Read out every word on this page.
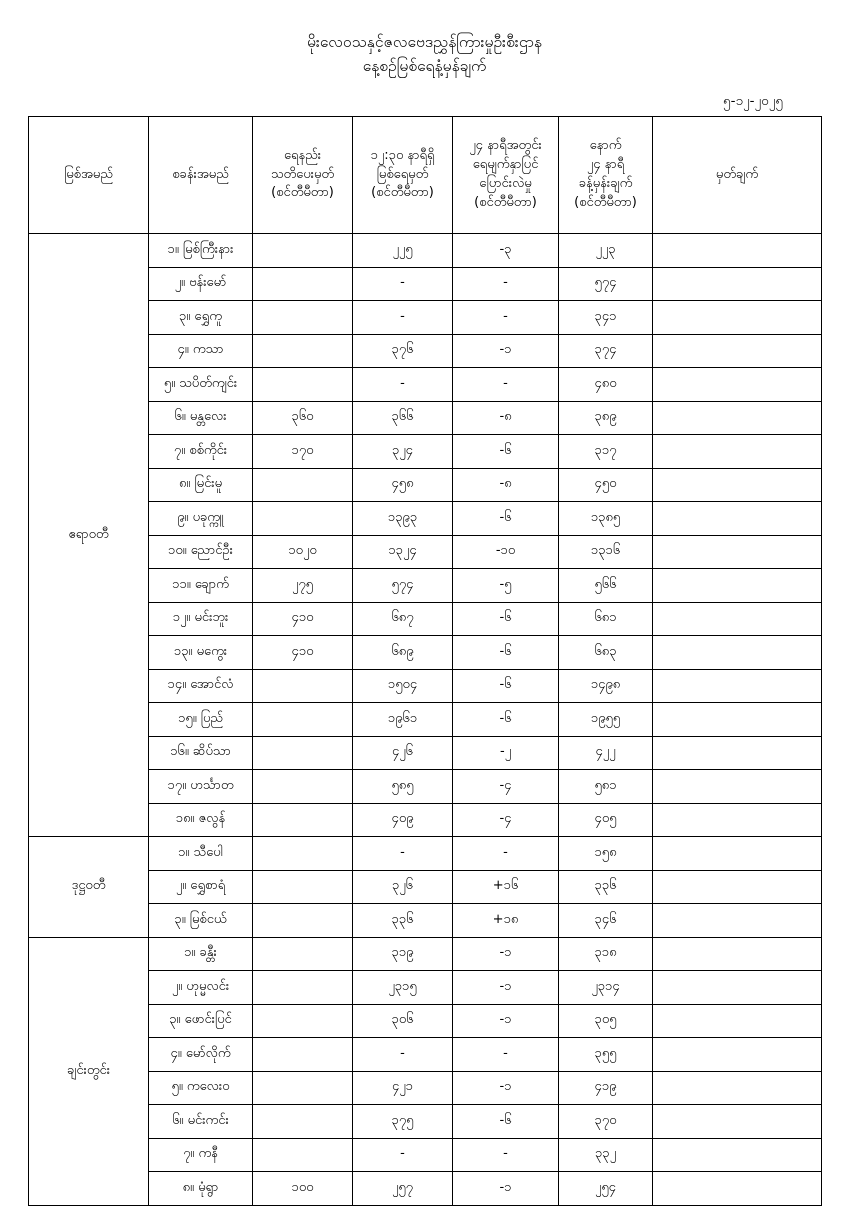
မိုးလေဝသနှင့်ဇလဗေဒညွှန်ကြားမှုဦးစီးဌာန
နေ့စဉ်မြစ်ရေနံ့မှန်ချက်
၅-၁၂-၂၀၂၅
မြစ်အမည်	စခန်းအမည်	ရေနည်း
သတိပေးမှတ်
(စင်တီမီတာ)	၁၂:၃၀ နာရီရှိ
မြစ်ရေမှတ်
(စင်တီမီတာ)	၂၄ နာရီအတွင်း
ရေမျက်နှာပြင်
ပြောင်းလဲမှု
(စင်တီမီတာ)	နောက်
၂၄ နာရီ
ခန့်မှန်းချက်
(စင်တီမီတာ)	မှတ်ချက်
ဧရာဝတီ	၁။ မြစ်ကြီးနား		၂၂၅	-၃	၂၂၃	
	၂။ ဗန်းမော်		-	-	၅၇၄	
	၃။ ရွှေကူ		-	-	၃၄၁	
	၄။ ကသာ		၃၇၆	-၁	၃၇၄	
	၅။ သပိတ်ကျင်း		-	-	၄၈၀	
	၆။ မန္တလေး	၃၆၀	၃၆၆	-၈	၃၈၉	
	၇။ စစ်ကိုင်း	၁၇၀	၃၂၄	-၆	၃၁၇	
	၈။ မြင်းမူ		၄၅၈	-၈	၄၅၀	
	၉။ ပခုက္ကူ		၁၃၉၃	-၆	၁၃၈၅	
	၁၀။ ညောင်ဦး	၁၀၂၀	၁၃၂၄	-၁၀	၁၃၁၆	
	၁၁။ ချောက်	၂၇၅	၅၇၄	-၅	၅၆၆	
	၁၂။ မင်းဘူး	၄၁၀	၆၈၇	-၆	၆၈၁	
	၁၃။ မကွေး	၄၁၀	၆၈၉	-၆	၆၈၃	
	၁၄။ အောင်လံ		၁၅၀၄	-၆	၁၄၉၈	
	၁၅။ ပြည်		၁၉၆၁	-၆	၁၉၅၅	
	၁၆။ ဆိပ်သာ		၄၂၆	-၂	၄၂၂	
	၁၇။ ဟင်္သာတ		၅၈၅	-၄	၅၈၁	
	၁၈။ ဇလွန်		၄၀၉	-၄	၄၀၅	
ဒုဋ္ဌဝတီ	၁။ သီပေါ		-	-	၁၅၈	
	၂။ ရွှေစာရံ		၃၂၆	+၁၆	၃၃၆	
	၃။ မြစ်ငယ်		၃၃၆	+၁၈	၃၄၆	
ချင်းတွင်း	၁။ ခန္တီး		၃၁၉	-၁	၃၁၈	
	၂။ ဟုမ္မလင်း		၂၃၁၅	-၁	၂၃၁၄	
	၃။ ဖောင်းပြင်		၃၀၆	-၁	၃၀၅	
	၄။ မော်လိုက်		-	-	၃၅၅	
	၅။ ကလေးဝ		၄၂၁	-၁	၄၁၉	
	၆။ မင်းကင်း		၃၇၅	-၆	၃၇၀	
	၇။ ကနီ		-	-	၃၃၂	
	၈။ မုံရွာ	၁၀၀	၂၅၇	-၁	၂၅၄	
